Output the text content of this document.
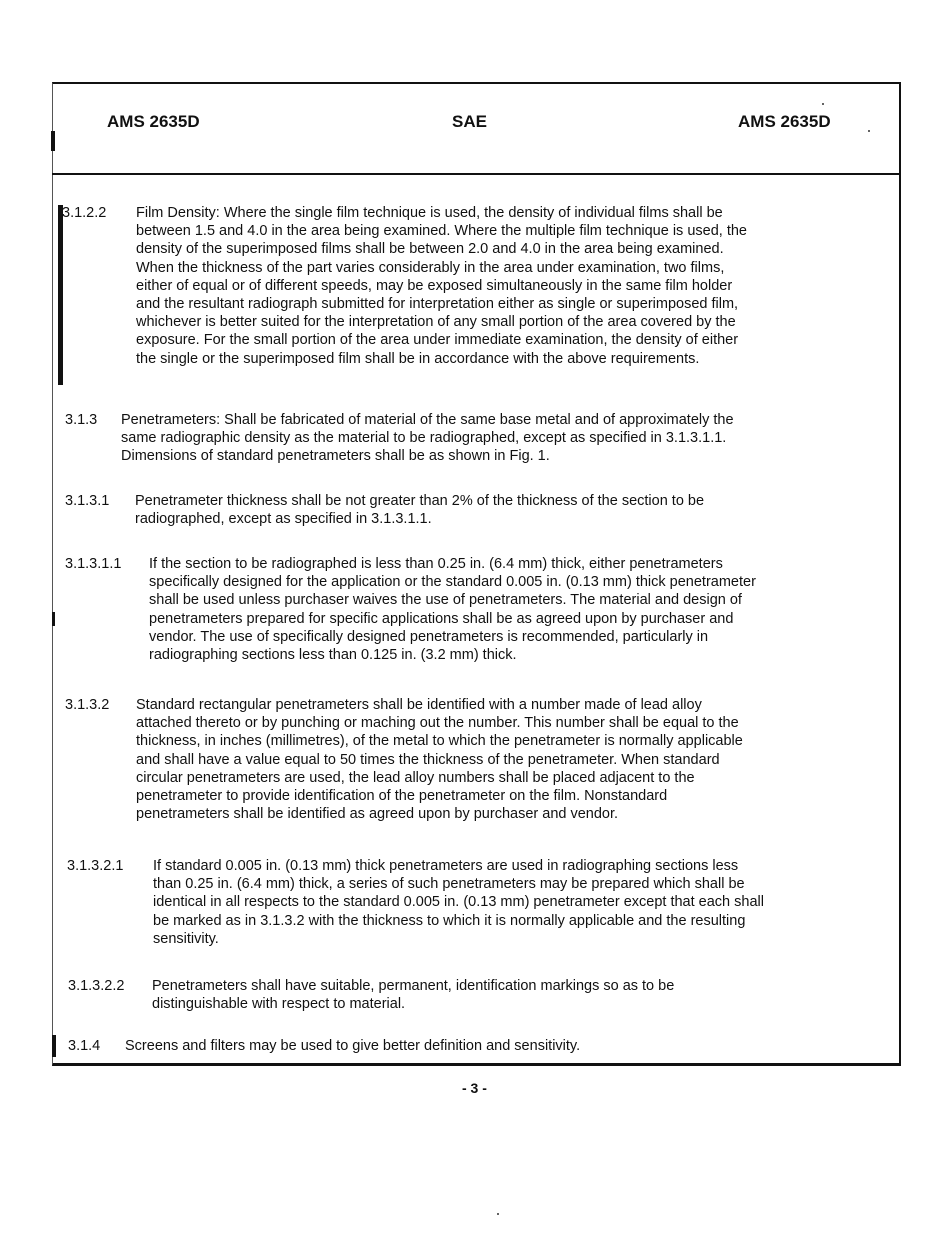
AMS 2635D	SAE	AMS 2635D
3.1.2.2 Film Density: Where the single film technique is used, the density of individual films shall be
between 1.5 and 4.0 in the area being examined. Where the multiple film technique is used, the
density of the superimposed films shall be between 2.0 and 4.0 in the area being examined.
When the thickness of the part varies considerably in the area under examination, two films,
either of equal or of different speeds, may be exposed simultaneously in the same film holder
and the resultant radiograph submitted for interpretation either as single or superimposed film,
whichever is better suited for the interpretation of any small portion of the area covered by the
exposure. For the small portion of the area under immediate examination, the density of either
the single or the superimposed film shall be in accordance with the above requirements.
3.1.3 Penetrameters: Shall be fabricated of material of the same base metal and of approximately the
same radiographic density as the material to be radiographed, except as specified in 3.1.3.1.1.
Dimensions of standard penetrameters shall be as shown in Fig. 1.
3.1.3.1 Penetrameter thickness shall be not greater than 2% of the thickness of the section to be
radiographed, except as specified in 3.1.3.1.1.
3.1.3.1.1 If the section to be radiographed is less than 0.25 in. (6.4 mm) thick, either penetrameters
specifically designed for the application or the standard 0.005 in. (0.13 mm) thick penetrameter
shall be used unless purchaser waives the use of penetrameters. The material and design of
penetrameters prepared for specific applications shall be as agreed upon by purchaser and
vendor. The use of specifically designed penetrameters is recommended, particularly in
radiographing sections less than 0.125 in. (3.2 mm) thick.
3.1.3.2 Standard rectangular penetrameters shall be identified with a number made of lead alloy
attached thereto or by punching or maching out the number. This number shall be equal to the
thickness, in inches (millimetres), of the metal to which the penetrameter is normally applicable
and shall have a value equal to 50 times the thickness of the penetrameter. When standard
circular penetrameters are used, the lead alloy numbers shall be placed adjacent to the
penetrameter to provide identification of the penetrameter on the film. Nonstandard
penetrameters shall be identified as agreed upon by purchaser and vendor.
3.1.3.2.1 If standard 0.005 in. (0.13 mm) thick penetrameters are used in radiographing sections less
than 0.25 in. (6.4 mm) thick, a series of such penetrameters may be prepared which shall be
identical in all respects to the standard 0.005 in. (0.13 mm) penetrameter except that each shall
be marked as in 3.1.3.2 with the thickness to which it is normally applicable and the resulting
sensitivity.
3.1.3.2.2 Penetrameters shall have suitable, permanent, identification markings so as to be
distinguishable with respect to material.
3.1.4 Screens and filters may be used to give better definition and sensitivity.
- 3 -
